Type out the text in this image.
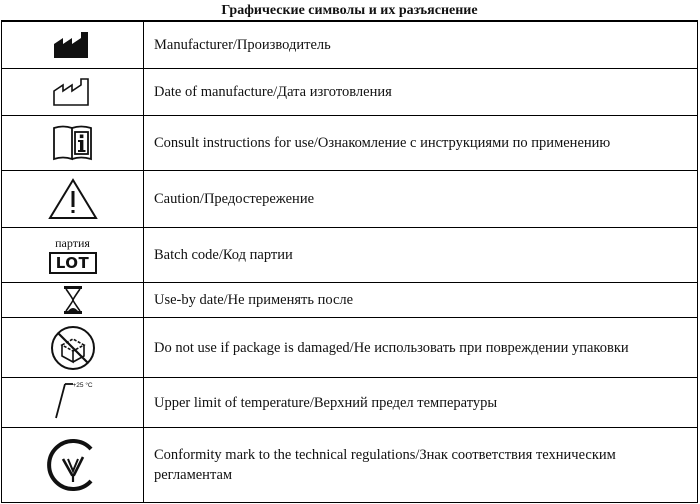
Графические символы и их разъяснение
	Manufacturer/Производитель
	Date of manufacture/Дата изготовления
	Consult instructions for use/Ознакомление с инструкциями по применению
	Caution/Предостережение

партия
LOT	Batch code/Код партии
	Use-by date/Не применять после
	Do not use if package is damaged/Не использовать при повреждении упаковки

+25 °C	Upper limit of temperature/Верхний предел температуры
	Conformity mark to the technical regulations/Знак соответствия техническим регламентам
